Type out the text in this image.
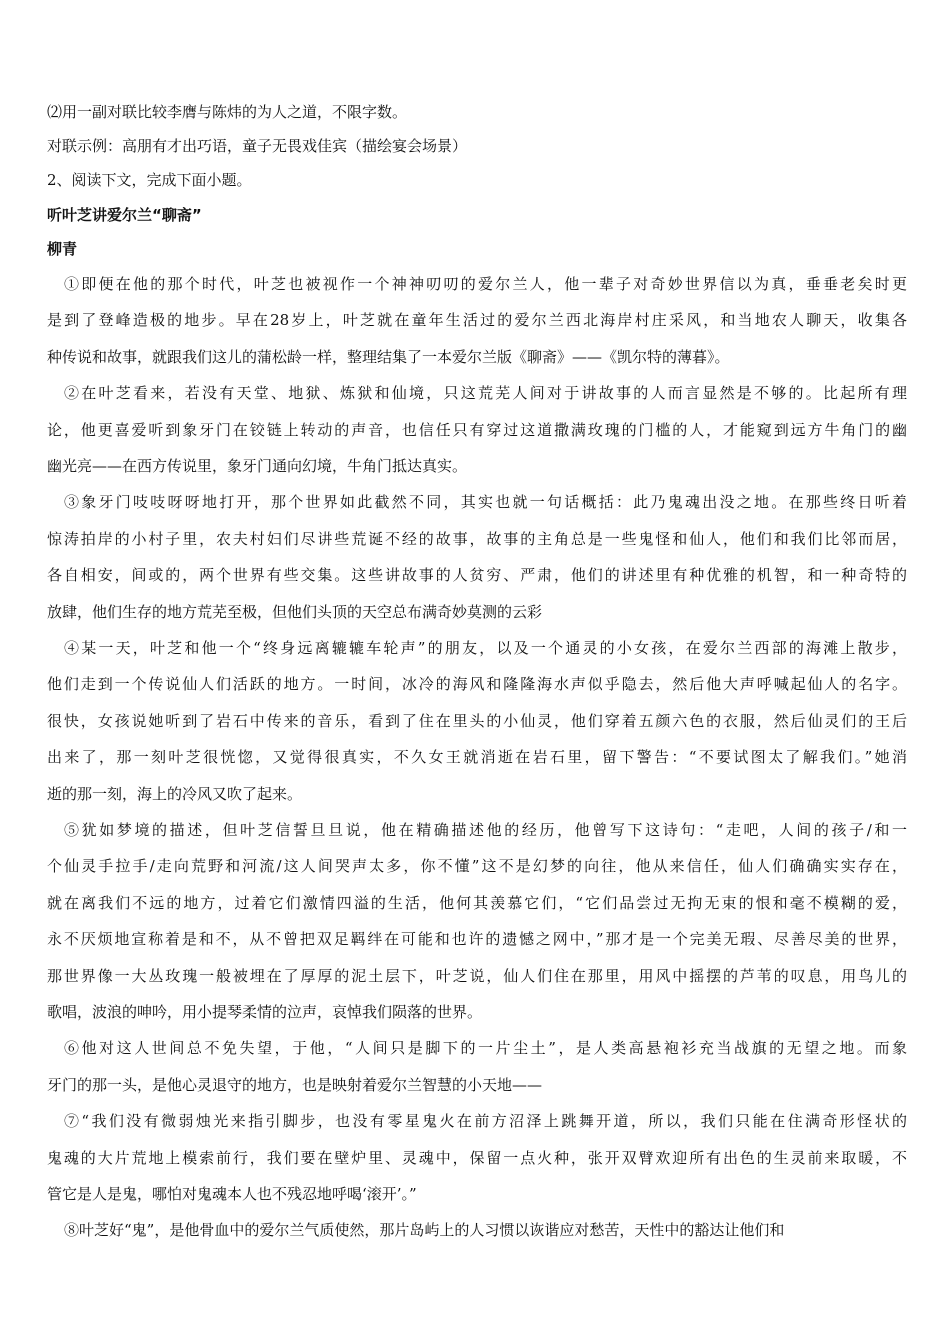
⑵用一副对联比较李膺与陈炜的为人之道，不限字数。
对联示例：高朋有才出巧语，童子无畏戏佳宾（描绘宴会场景）
2、阅读下文，完成下面小题。
听叶芝讲爱尔兰“聊斋”
柳青
①即便在他的那个时代，叶芝也被视作一个神神叨叨的爱尔兰人，他一辈子对奇妙世界信以为真，垂垂老矣时更
是到了登峰造极的地步。早在28岁上，叶芝就在童年生活过的爱尔兰西北海岸村庄采风，和当地农人聊天，收集各
种传说和故事，就跟我们这儿的蒲松龄一样，整理结集了一本爱尔兰版《聊斋》——《凯尔特的薄暮》。
②在叶芝看来，若没有天堂、地狱、炼狱和仙境，只这荒芜人间对于讲故事的人而言显然是不够的。比起所有理
论，他更喜爱听到象牙门在铰链上转动的声音，也信任只有穿过这道撒满玫瑰的门槛的人，才能窥到远方牛角门的幽
幽光亮——在西方传说里，象牙门通向幻境，牛角门抵达真实。
③象牙门吱吱呀呀地打开，那个世界如此截然不同，其实也就一句话概括：此乃鬼魂出没之地。在那些终日听着
惊涛拍岸的小村子里，农夫村妇们尽讲些荒诞不经的故事，故事的主角总是一些鬼怪和仙人，他们和我们比邻而居，
各自相安，间或的，两个世界有些交集。这些讲故事的人贫穷、严肃，他们的讲述里有种优雅的机智，和一种奇特的
放肆，他们生存的地方荒芜至极，但他们头顶的天空总布满奇妙莫测的云彩
④某一天，叶芝和他一个“终身远离辘辘车轮声”的朋友，以及一个通灵的小女孩，在爱尔兰西部的海滩上散步，
他们走到一个传说仙人们活跃的地方。一时间，冰冷的海风和隆隆海水声似乎隐去，然后他大声呼喊起仙人的名字。
很快，女孩说她听到了岩石中传来的音乐，看到了住在里头的小仙灵，他们穿着五颜六色的衣服，然后仙灵们的王后
出来了，那一刻叶芝很恍惚，又觉得很真实，不久女王就消逝在岩石里，留下警告：“不要试图太了解我们。”她消
逝的那一刻，海上的冷风又吹了起来。
⑤犹如梦境的描述，但叶芝信誓旦旦说，他在精确描述他的经历，他曾写下这诗句：“走吧，人间的孩子/和一
个仙灵手拉手/走向荒野和河流/这人间哭声太多，你不懂”这不是幻梦的向往，他从来信任，仙人们确确实实存在，
就在离我们不远的地方，过着它们激情四溢的生活，他何其羡慕它们，“它们品尝过无拘无束的恨和毫不模糊的爱，
永不厌烦地宣称着是和不，从不曾把双足羁绊在可能和也许的遗憾之网中，”那才是一个完美无瑕、尽善尽美的世界，
那世界像一大丛玫瑰一般被埋在了厚厚的泥土层下，叶芝说，仙人们住在那里，用风中摇摆的芦苇的叹息，用鸟儿的
歌唱，波浪的呻吟，用小提琴柔情的泣声，哀悼我们陨落的世界。
⑥他对这人世间总不免失望，于他，“人间只是脚下的一片尘土”，是人类高悬袍衫充当战旗的无望之地。而象
牙门的那一头，是他心灵退守的地方，也是映射着爱尔兰智慧的小天地——
⑦“我们没有微弱烛光来指引脚步，也没有零星鬼火在前方沼泽上跳舞开道，所以，我们只能在住满奇形怪状的
鬼魂的大片荒地上模索前行，我们要在壁炉里、灵魂中，保留一点火种，张开双臂欢迎所有出色的生灵前来取暖，不
管它是人是鬼，哪怕对鬼魂本人也不残忍地呼喝‘滚开’。”
⑧叶芝好“鬼”，是他骨血中的爱尔兰气质使然，那片岛屿上的人习惯以诙谐应对愁苦，天性中的豁达让他们和
